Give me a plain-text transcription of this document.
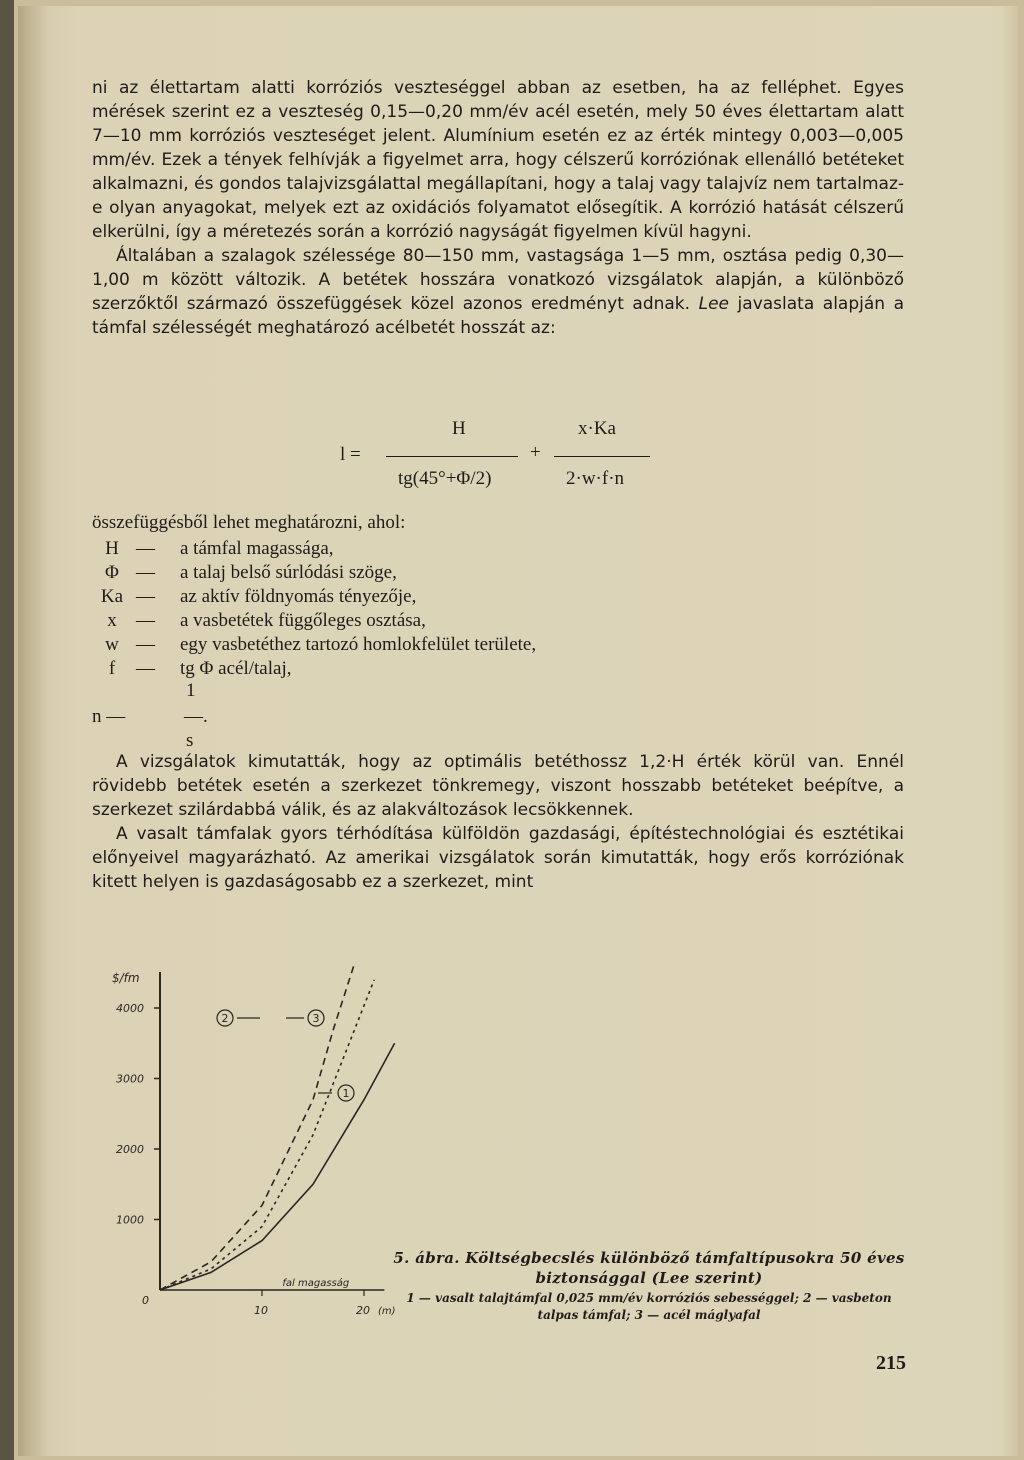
ni az élettartam alatti korróziós veszteséggel abban az esetben, ha az felléphet. Egyes mérések szerint ez a veszteség 0,15—0,20 mm/év acél esetén, mely 50 éves élettartam alatt 7—10 mm korróziós veszteséget jelent. Alumínium esetén ez az érték mintegy 0,003—0,005 mm/év. Ezek a tények felhívják a figyelmet arra, hogy célszerű korróziónak ellenálló betéteket alkalmazni, és gondos talajvizsgálattal megállapítani, hogy a talaj vagy talajvíz nem tartalmaz-e olyan anyagokat, melyek ezt az oxidációs folyamatot elősegítik. A korrózió hatását célszerű elkerülni, így a méretezés során a korrózió nagyságát figyelmen kívül hagyni.

Általában a szalagok szélessége 80—150 mm, vastagsága 1—5 mm, osztása pedig 0,30—1,00 m között változik. A betétek hosszára vonatkozó vizsgálatok alapján, a különböző szerzőktől származó összefüggések közel azonos eredményt adnak. Lee javaslata alapján a támfal szélességét meghatározó acélbetét hosszát az:

H	x·Ka
l =	+
tg(45°+Φ/2)	2·w·f·n
összefüggésből lehet meghatározni, ahol:
H — a támfal magassága,
Φ — a talaj belső súrlódási szöge,
Ka — az aktív földnyomás tényezője,
x	— a vasbetétek függőleges osztása,
w — egy vasbetéthez tartozó homlokfelület területe,
f	— tg Φ acél/talaj,
1
n —	—.
s

A vizsgálatok kimutatták, hogy az optimális betéthossz 1,2·H érték körül van. Ennél rövidebb betétek esetén a szerkezet tönkremegy, viszont hosszabb betéteket beépítve, a szerkezet szilárdabbá válik, és az alakváltozások lecsökkennek.

A vasalt támfalak gyors térhódítása külföldön gazdasági, építéstechnológiai és esztétikai előnyeivel magyarázható. Az amerikai vizsgálatok során kimutatták, hogy erős korróziónak kitett helyen is gazdaságosabb ez a szerkezet, mint

$/fm
1000
2000
3000
4000
10	20 (m)
0
fal magasság
1
2	3
5. ábra. Költségbecslés különböző támfaltípusokra 50 éves biztonsággal (Lee szerint)
1 — vasalt talajtámfal 0,025 mm/év korróziós sebességgel; 2 — vasbeton talpas támfal; 3 — acél máglyafal
215
